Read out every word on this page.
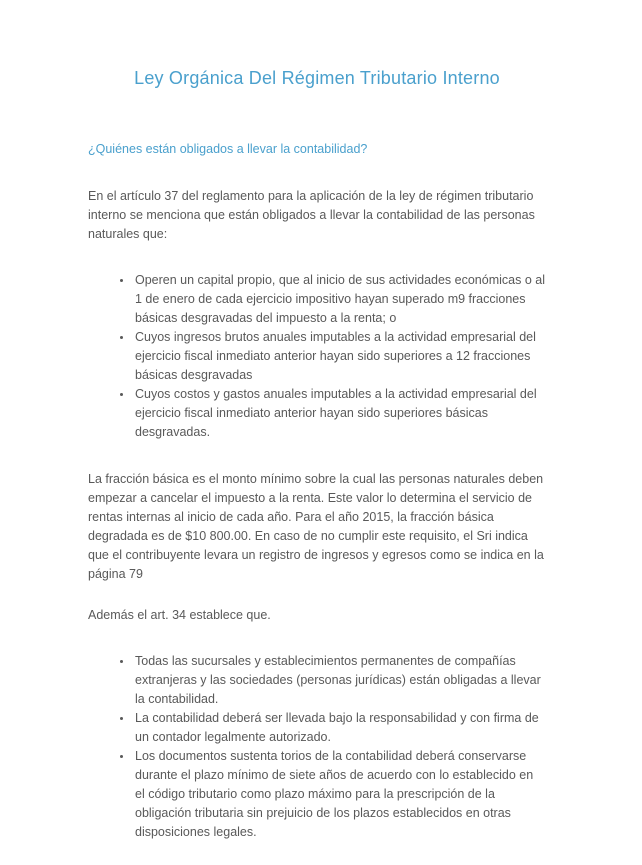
Ley Orgánica Del Régimen Tributario Interno
¿Quiénes están obligados a llevar la contabilidad?

En el artículo 37 del reglamento para la aplicación de la ley de régimen tributario interno se menciona que están obligados a llevar la contabilidad de las personas naturales que:

• Operen un capital propio, que al inicio de sus actividades económicas o al 1 de enero de cada ejercicio impositivo hayan superado m9 fracciones básicas desgravadas del impuesto a la renta; o
• Cuyos ingresos brutos anuales imputables a la actividad empresarial del ejercicio fiscal inmediato anterior hayan sido superiores a 12 fracciones básicas desgravadas
• Cuyos costos y gastos anuales imputables a la actividad empresarial del ejercicio fiscal inmediato anterior hayan sido superiores básicas desgravadas.

La fracción básica es el monto mínimo sobre la cual las personas naturales deben empezar a cancelar el impuesto a la renta. Este valor lo determina el servicio de rentas internas al inicio de cada año. Para el año 2015, la fracción básica degradada es de $10 800.00. En caso de no cumplir este requisito, el Sri indica que el contribuyente levara un registro de ingresos y egresos como se indica en la página 79

Además el art. 34 establece que.

• Todas las sucursales y establecimientos permanentes de compañías extranjeras y las sociedades (personas jurídicas) están obligadas a llevar la contabilidad.
• La contabilidad deberá ser llevada bajo la responsabilidad y con firma de un contador legalmente autorizado.
• Los documentos sustenta torios de la contabilidad deberá conservarse durante el plazo mínimo de siete años de acuerdo con lo establecido en el código tributario como plazo máximo para la prescripción de la obligación tributaria sin prejuicio de los plazos establecidos en otras disposiciones legales.
